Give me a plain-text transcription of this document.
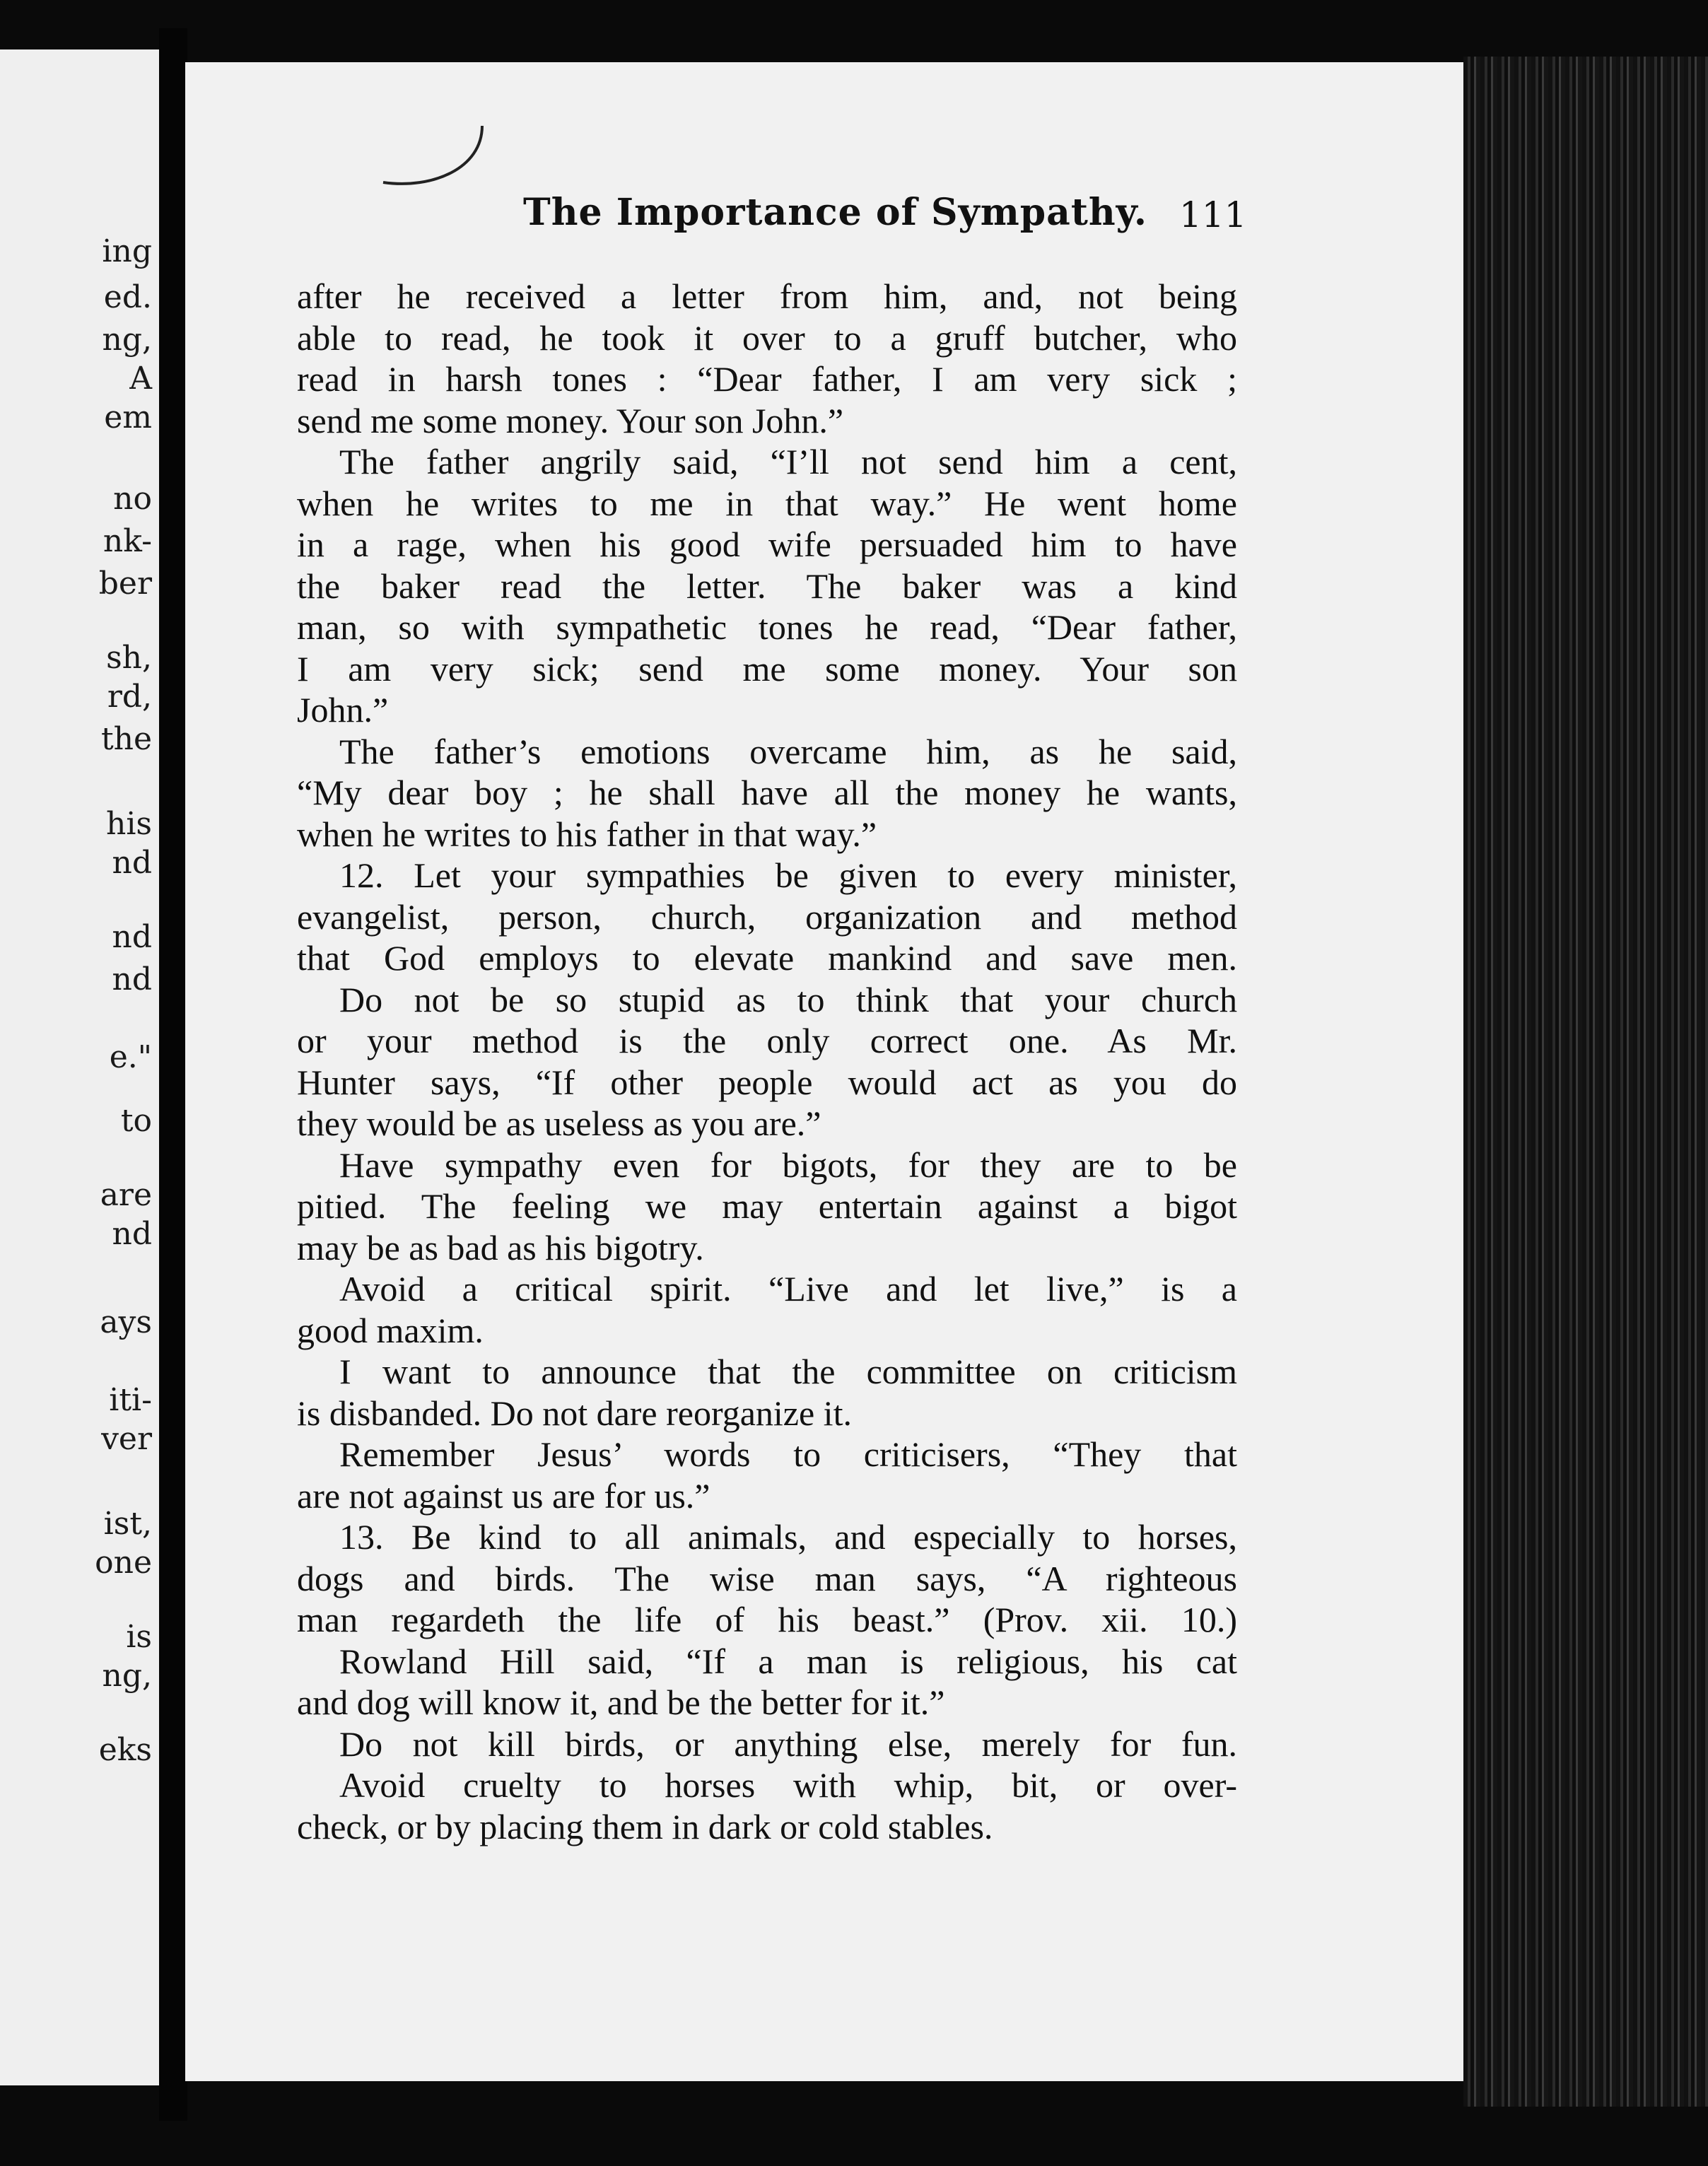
ing
ed.
ng,
A
em
no
nk-
ber
sh,
rd,
the
his
nd
nd
nd
e."
to
are
nd
ays
iti-
ver
ist,
one
is
ng,
eks
The Importance of Sympathy. 111
after he received a letter from him, and, not being
able to read, he took it over to a gruff butcher, who
read in harsh tones : “Dear father, I am very sick ;
send me some money. Your son John.”
The father angrily said, “I’ll not send him a cent,
when he writes to me in that way.” He went home
in a rage, when his good wife persuaded him to have
the baker read the letter. The baker was a kind
man, so with sympathetic tones he read, “Dear father,
I am very sick; send me some money. Your son
John.”
The father’s emotions overcame him, as he said,
“My dear boy ; he shall have all the money he wants,
when he writes to his father in that way.”
12. Let your sympathies be given to every minister,
evangelist, person, church, organization and method
that God employs to elevate mankind and save men.
Do not be so stupid as to think that your church
or your method is the only correct one. As Mr.
Hunter says, “If other people would act as you do
they would be as useless as you are.”
Have sympathy even for bigots, for they are to be
pitied. The feeling we may entertain against a bigot
may be as bad as his bigotry.
Avoid a critical spirit. “Live and let live,” is a
good maxim.
I want to announce that the committee on criticism
is disbanded. Do not dare reorganize it.
Remember Jesus’ words to criticisers, “They that
are not against us are for us.”
13. Be kind to all animals, and especially to horses,
dogs and birds. The wise man says, “A righteous
man regardeth the life of his beast.” (Prov. xii. 10.)
Rowland Hill said, “If a man is religious, his cat
and dog will know it, and be the better for it.”
Do not kill birds, or anything else, merely for fun.
Avoid cruelty to horses with whip, bit, or over-
check, or by placing them in dark or cold stables.
